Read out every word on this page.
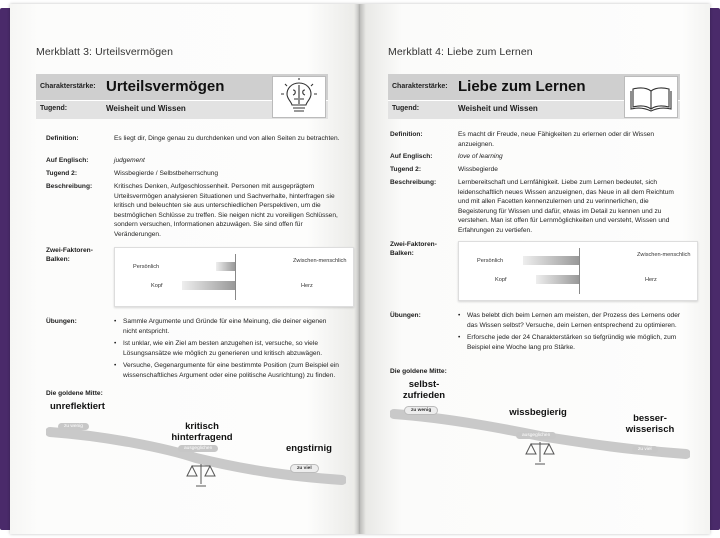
Merkblatt 3: Urteilsvermögen
Charakterstärke: Urteilsvermögen
Tugend:	Weisheit und Wissen
Definition:	Es liegt dir, Dinge genau zu durchdenken und von allen Seiten zu betrachten.
Auf Englisch:	judgement
Tugend 2:	Wissbegierde / Selbstbeherrschung
Beschreibung:	Kritisches Denken, Aufgeschlossenheit. Personen mit ausgeprägtem Urteilsvermögen analysieren Situationen und Sachverhalte, hinterfragen sie kritisch und beleuchten sie aus unterschiedlichen Perspektiven, um die bestmöglichen Schlüsse zu treffen. Sie neigen nicht zu voreiligen Schlüssen, sondern versuchen, Informationen abzuwägen. Sie sind offen für Veränderungen.
Zwei-Faktoren-Balken:
Persönlich
Kopf
Zwischen-menschlich
Herz
Übungen:	• Sammle Argumente und Gründe für eine Meinung, die deiner eigenen nicht entspricht.
• Ist unklar, wie ein Ziel am besten anzugehen ist, versuche, so viele Lösungsansätze wie möglich zu generieren und kritisch abzuwägen.
• Versuche, Gegenargumente für eine bestimmte Position (zum Beispiel ein wissenschaftliches Argument oder eine politische Ausrichtung) zu finden.
Die goldene Mitte:
unreflektiert
kritisch hinterfragend
engstirnig
zu wenig
ausgeglichen
zu viel
Merkblatt 4: Liebe zum Lernen
Charakterstärke: Liebe zum Lernen
Tugend:	Weisheit und Wissen
Definition:	Es macht dir Freude, neue Fähigkeiten zu erlernen oder dir Wissen anzueignen.
Auf Englisch:	love of learning
Tugend 2:	Wissbegierde
Beschreibung:	Lernbereitschaft und Lernfähigkeit. Liebe zum Lernen bedeutet, sich leidenschaftlich neues Wissen anzueignen, das Neue in all dem Reichtum und mit allen Facetten kennenzulernen und zu verinnerlichen, die Begeisterung für Wissen und dafür, etwas im Detail zu kennen und zu verstehen. Man ist offen für Lernmöglichkeiten und versteht, Wissen und Erfahrungen zu vertiefen.
Zwei-Faktoren-Balken:
Persönlich
Kopf
Zwischen-menschlich
Herz
Übungen:	• Was belebt dich beim Lernen am meisten, der Prozess des Lernens oder das Wissen selbst? Versuche, dein Lernen entsprechend zu optimieren.
• Erforsche jede der 24 Charakterstärken so tiefgründig wie möglich, zum Beispiel eine Woche lang pro Stärke.
Die goldene Mitte:
selbst-zufrieden
wissbegierig
besser-wisserisch
zu wenig
ausgeglichen
zu viel
